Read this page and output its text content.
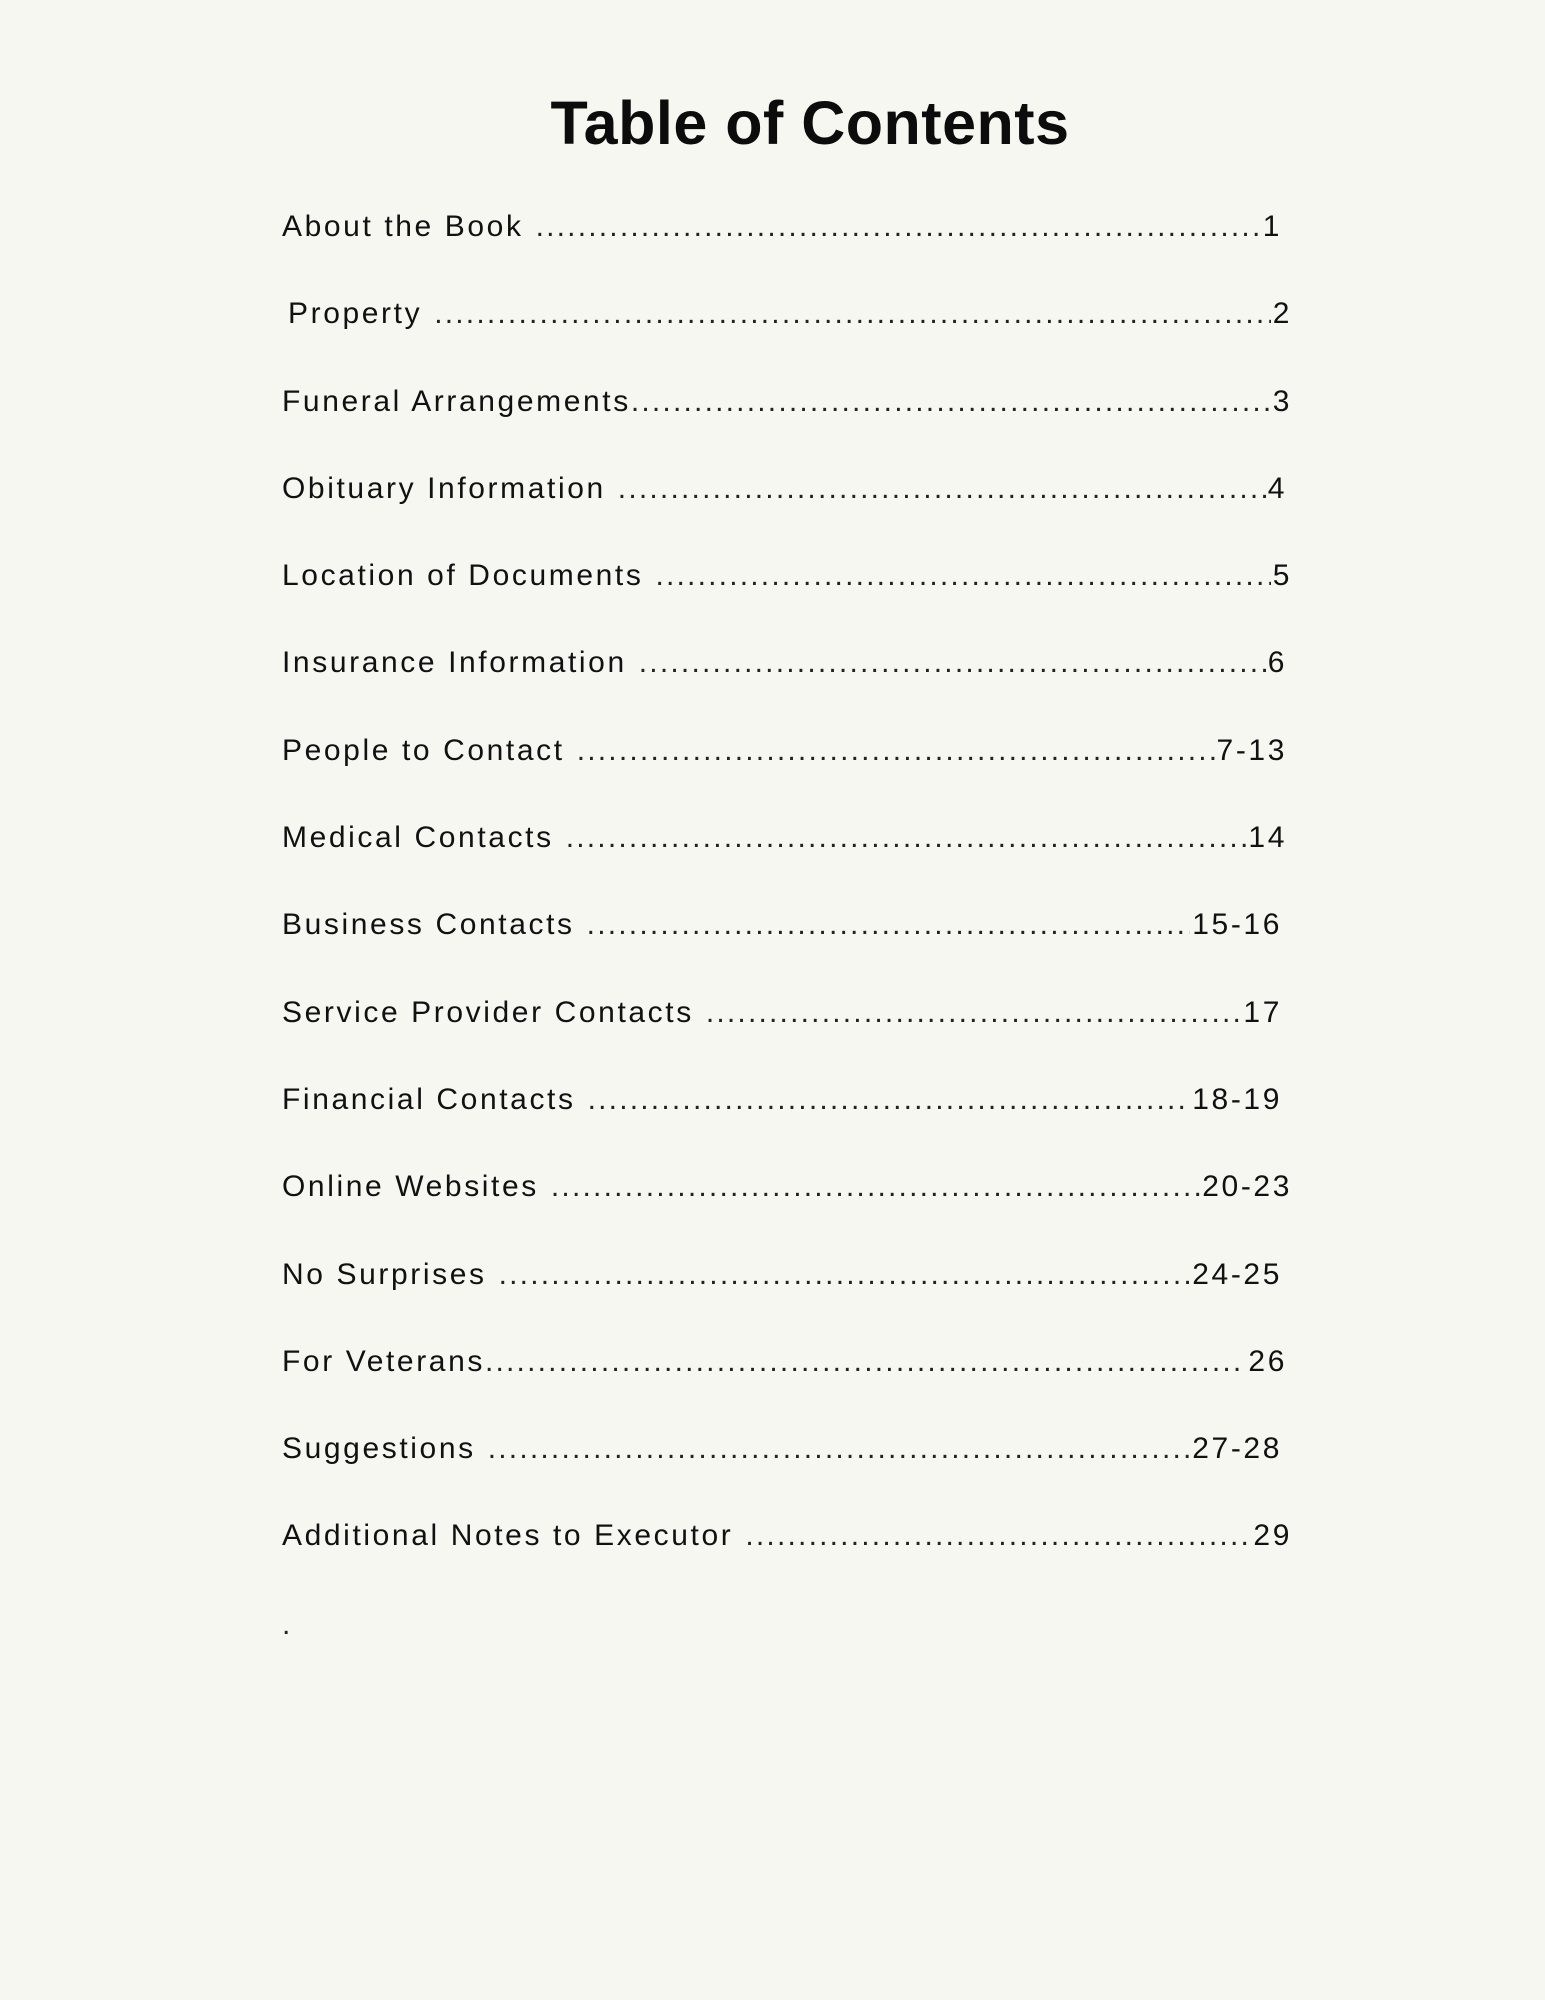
Table of Contents
About the Book .....	1
Property .....	2
Funeral Arrangements .....	3
Obituary Information .....	4
Location of Documents .....	5
Insurance Information .....	6
People to Contact .....	7-13
Medical Contacts .....	14
Business Contacts .....	15-16
Service Provider Contacts .....	17
Financial Contacts .....	18-19
Online Websites .....	20-23
No Surprises .....	24-25
For Veterans .....	26
Suggestions .....	27-28
Additional Notes to Executor .....	29
.
